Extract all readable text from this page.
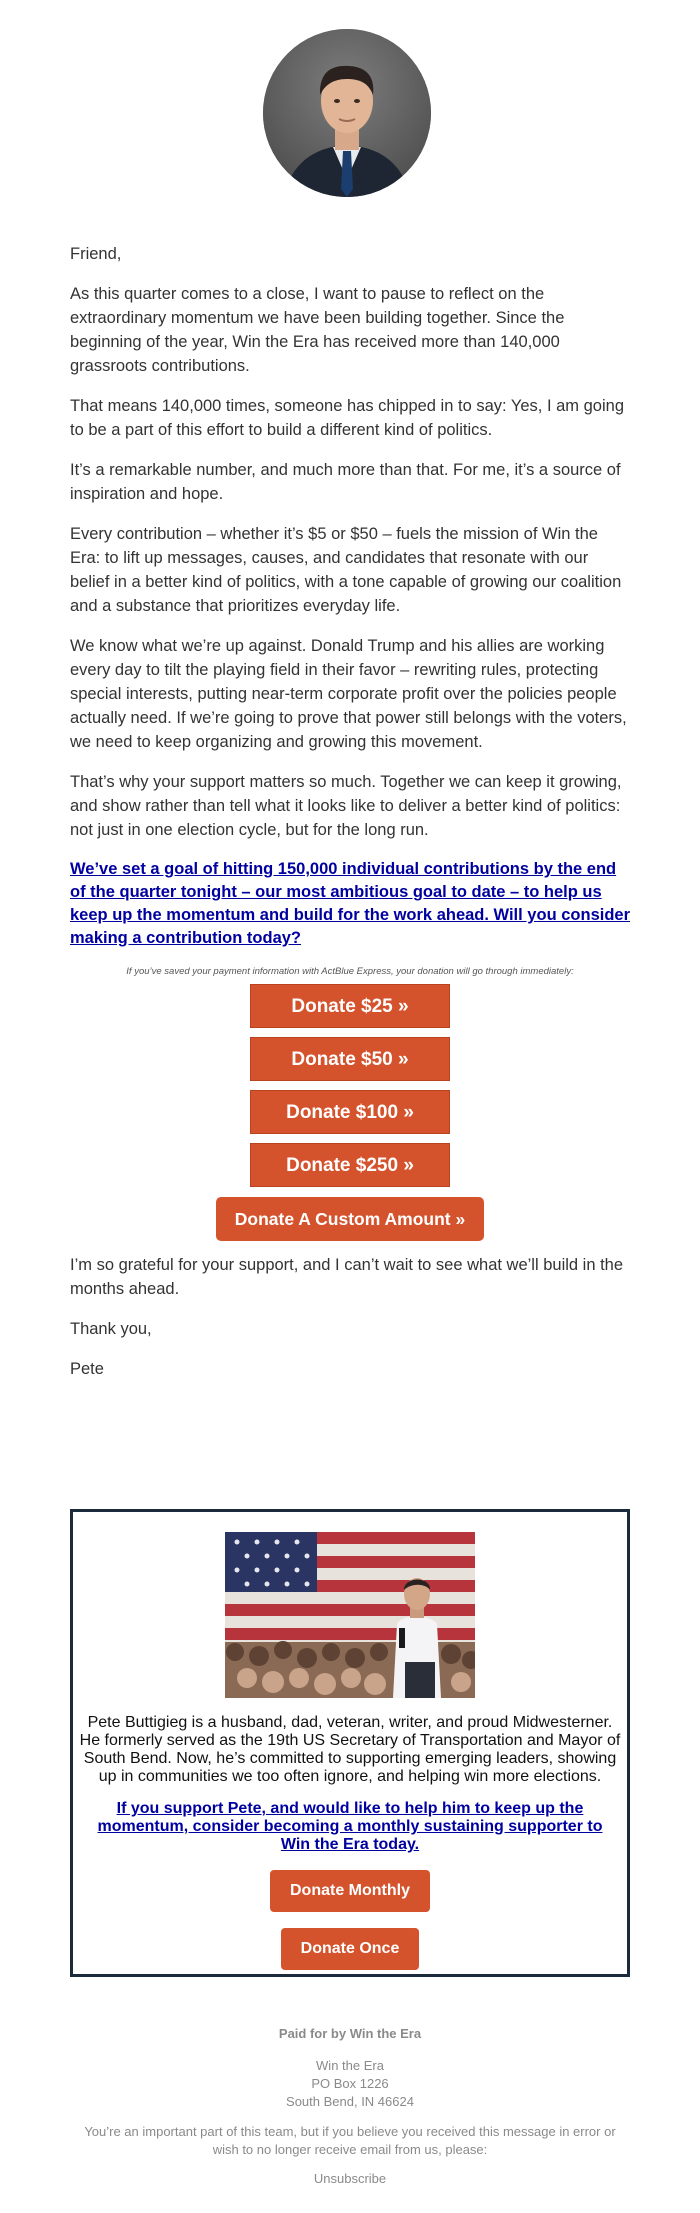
Friend,

As this quarter comes to a close, I want to pause to reflect on the extraordinary momentum we have been building together. Since the beginning of the year, Win the Era has received more than 140,000 grassroots contributions.

That means 140,000 times, someone has chipped in to say: Yes, I am going to be a part of this effort to build a different kind of politics.

It’s a remarkable number, and much more than that. For me, it’s a source of inspiration and hope.

Every contribution – whether it’s $5 or $50 – fuels the mission of Win the Era: to lift up messages, causes, and candidates that resonate with our belief in a better kind of politics, with a tone capable of growing our coalition and a substance that prioritizes everyday life.

We know what we’re up against. Donald Trump and his allies are working every day to tilt the playing field in their favor – rewriting rules, protecting special interests, putting near-term corporate profit over the policies people actually need. If we’re going to prove that power still belongs with the voters, we need to keep organizing and growing this movement.

That’s why your support matters so much. Together we can keep it growing, and show rather than tell what it looks like to deliver a better kind of politics: not just in one election cycle, but for the long run.

We’ve set a goal of hitting 150,000 individual contributions by the end of the quarter tonight – our most ambitious goal to date – to help us keep up the momentum and build for the work ahead. Will you consider making a contribution today?
If you’ve saved your payment information with ActBlue Express, your donation will go through immediately:
Donate $25 »
Donate $50 »
Donate $100 »
Donate $250 »
Donate A Custom Amount »

I’m so grateful for your support, and I can’t wait to see what we’ll build in the months ahead.

Thank you,

Pete

Pete Buttigieg is a husband, dad, veteran, writer, and proud Midwesterner. He formerly served as the 19th US Secretary of Transportation and Mayor of South Bend. Now, he’s committed to supporting emerging leaders, showing up in communities we too often ignore, and helping win more elections.
If you support Pete, and would like to help him to keep up the momentum, consider becoming a monthly sustaining supporter to Win the Era today.
Donate Monthly
Donate Once
Paid for by Win the Era
Win the Era
PO Box 1226
South Bend, IN 46624
You’re an important part of this team, but if you believe you received this message in error or wish to no longer receive email from us, please:
Unsubscribe
